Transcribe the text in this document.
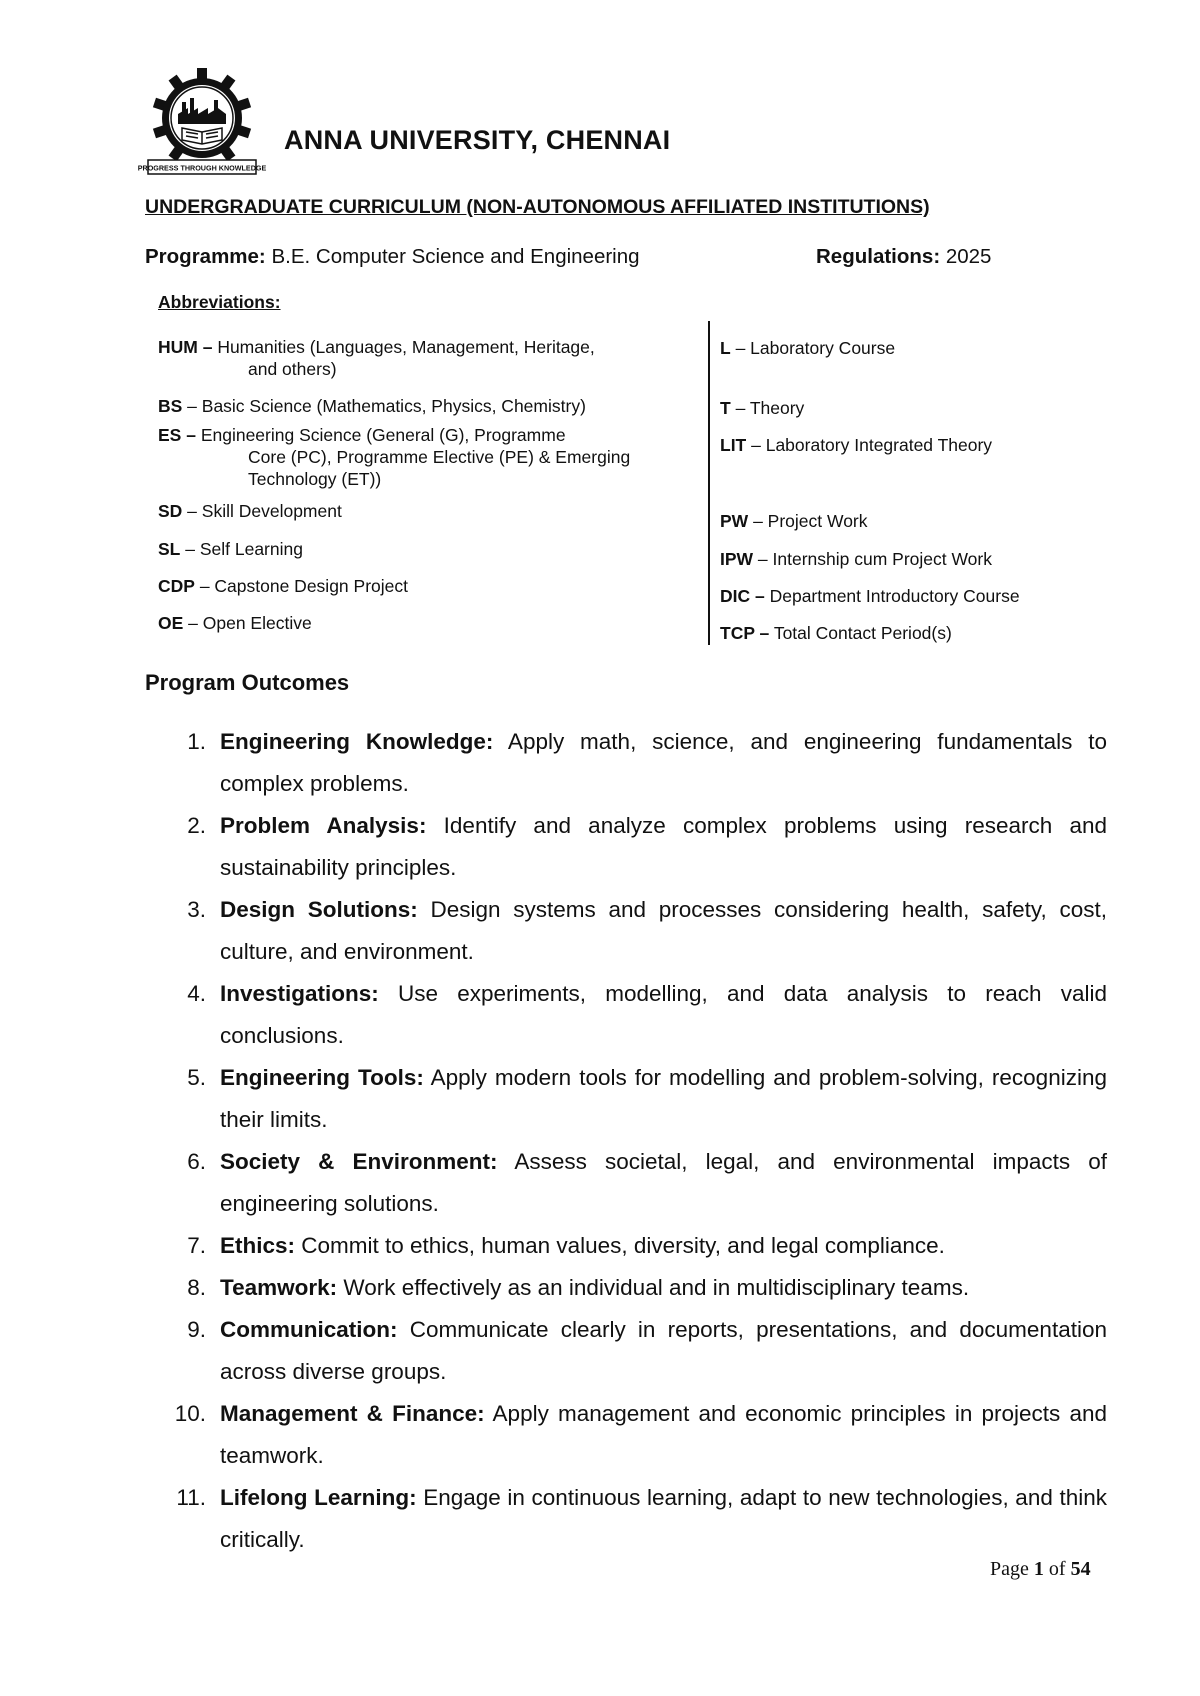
PROGRESS THROUGH KNOWLEDGE
ANNA UNIVERSITY, CHENNAI
UNDERGRADUATE CURRICULUM (NON-AUTONOMOUS AFFILIATED INSTITUTIONS)
Programme: B.E. Computer Science and Engineering	Regulations: 2025
Abbreviations:
HUM – Humanities (Languages, Management, Heritage,
and others)
BS – Basic Science (Mathematics, Physics, Chemistry)
ES – Engineering Science (General (G), Programme
Core (PC), Programme Elective (PE) & Emerging
Technology (ET))
SD – Skill Development
SL – Self Learning
CDP – Capstone Design Project
OE – Open Elective
L – Laboratory Course
T – Theory
LIT – Laboratory Integrated Theory
PW – Project Work
IPW – Internship cum Project Work
DIC – Department Introductory Course
TCP – Total Contact Period(s)
Program Outcomes
1. Engineering Knowledge: Apply math, science, and engineering fundamentals to complex problems.
2. Problem Analysis: Identify and analyze complex problems using research and sustainability principles.
3. Design Solutions: Design systems and processes considering health, safety, cost, culture, and environment.
4. Investigations: Use experiments, modelling, and data analysis to reach valid conclusions.
5. Engineering Tools: Apply modern tools for modelling and problem-solving, recognizing their limits.
6. Society & Environment: Assess societal, legal, and environmental impacts of engineering solutions.
7. Ethics: Commit to ethics, human values, diversity, and legal compliance.
8. Teamwork: Work effectively as an individual and in multidisciplinary teams.
9. Communication: Communicate clearly in reports, presentations, and documentation across diverse groups.
10. Management & Finance: Apply management and economic principles in projects and teamwork.
11. Lifelong Learning: Engage in continuous learning, adapt to new technologies, and think critically.
Page 1 of 54
